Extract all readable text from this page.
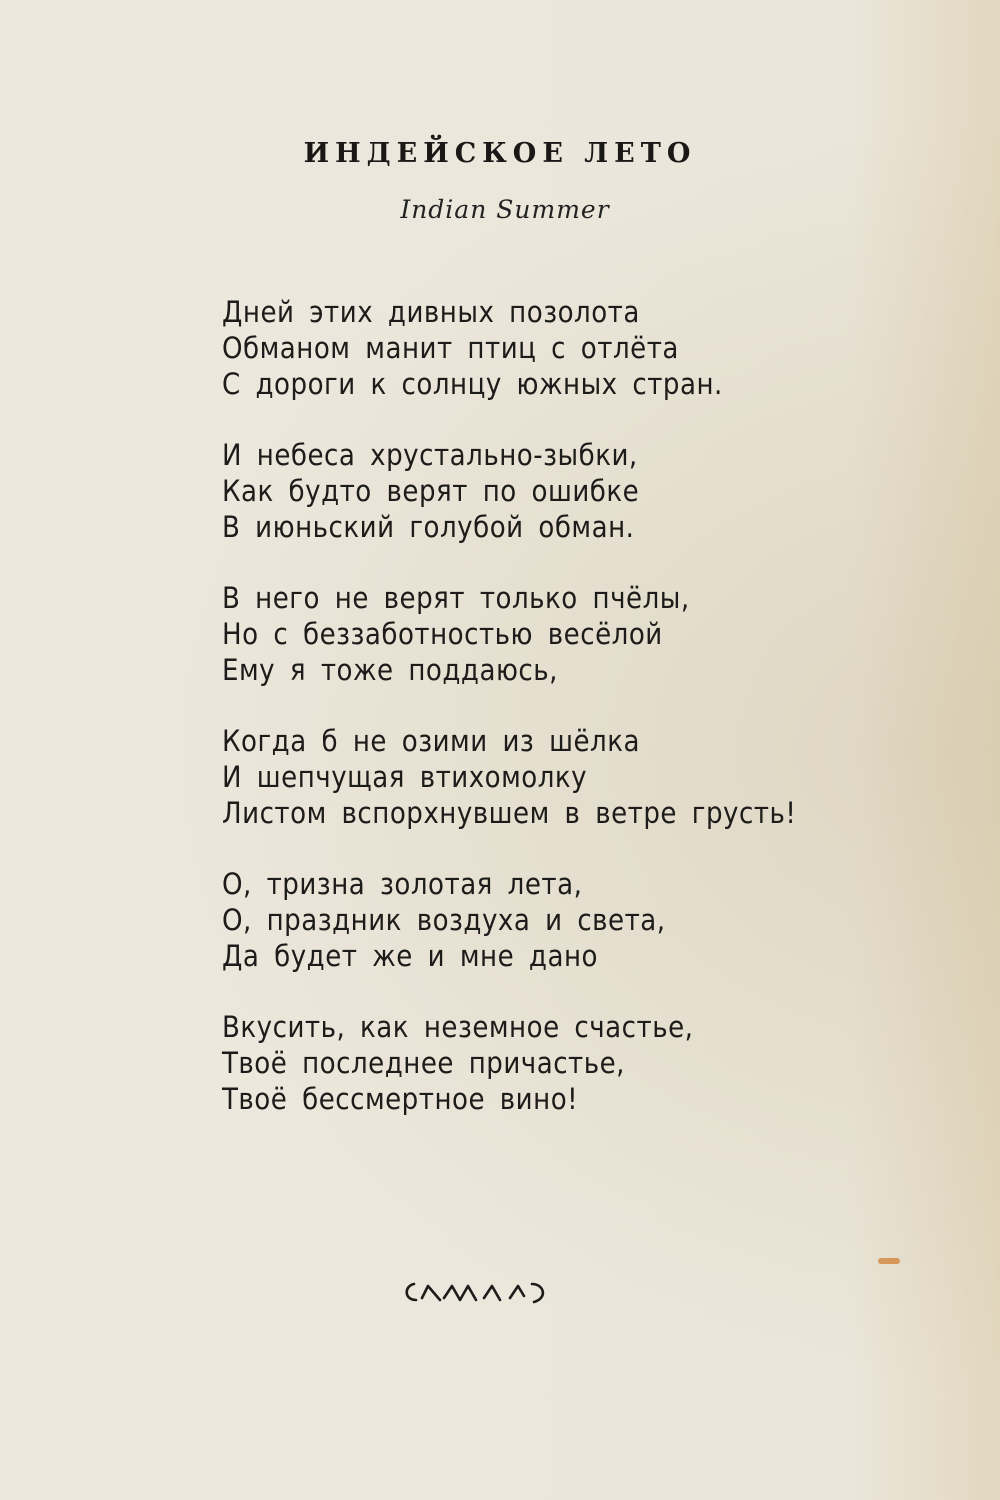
ИНДЕЙСКОЕ ЛЕТО
Indian Summer
Дней этих дивных позолота
Обманом манит птиц с отлёта
С дороги к солнцу южных стран.
И небеса хрустально-зыбки,
Как будто верят по ошибке
В июньский голубой обман.
В него не верят только пчёлы,
Но с беззаботностью весёлой
Ему я тоже поддаюсь,
Когда б не озими из шёлка
И шепчущая втихомолку
Листом вспорхнувшем в ветре грусть!
О, тризна золотая лета,
О, праздник воздуха и света,
Да будет же и мне дано
Вкусить, как неземное счастье,
Твоё последнее причастье,
Твоё бессмертное вино!
